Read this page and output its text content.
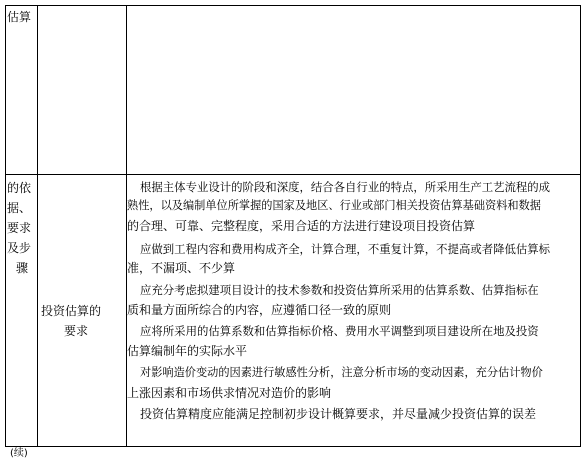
估算
的依
据、
要求
及步
骤
投资估算的
要求
根据主体专业设计的阶段和深度，结合各自行业的特点，所采用生产工艺流程的成
熟性，以及编制单位所掌握的国家及地区、行业或部门相关投资估算基础资料和数据
的合理、可靠、完整程度，采用合适的方法进行建设项目投资估算
应做到工程内容和费用构成齐全，计算合理，不重复计算，不提高或者降低估算标
准，不漏项、不少算
应充分考虑拟建项目设计的技术参数和投资估算所采用的估算系数、估算指标在
质和量方面所综合的内容，应遵循口径一致的原则
应将所采用的估算系数和估算指标价格、费用水平调整到项目建设所在地及投资
估算编制年的实际水平
对影响造价变动的因素进行敏感性分析，注意分析市场的变动因素，充分估计物价
上涨因素和市场供求情况对造价的影响
投资估算精度应能满足控制初步设计概算要求，并尽量减少投资估算的误差
(续)
